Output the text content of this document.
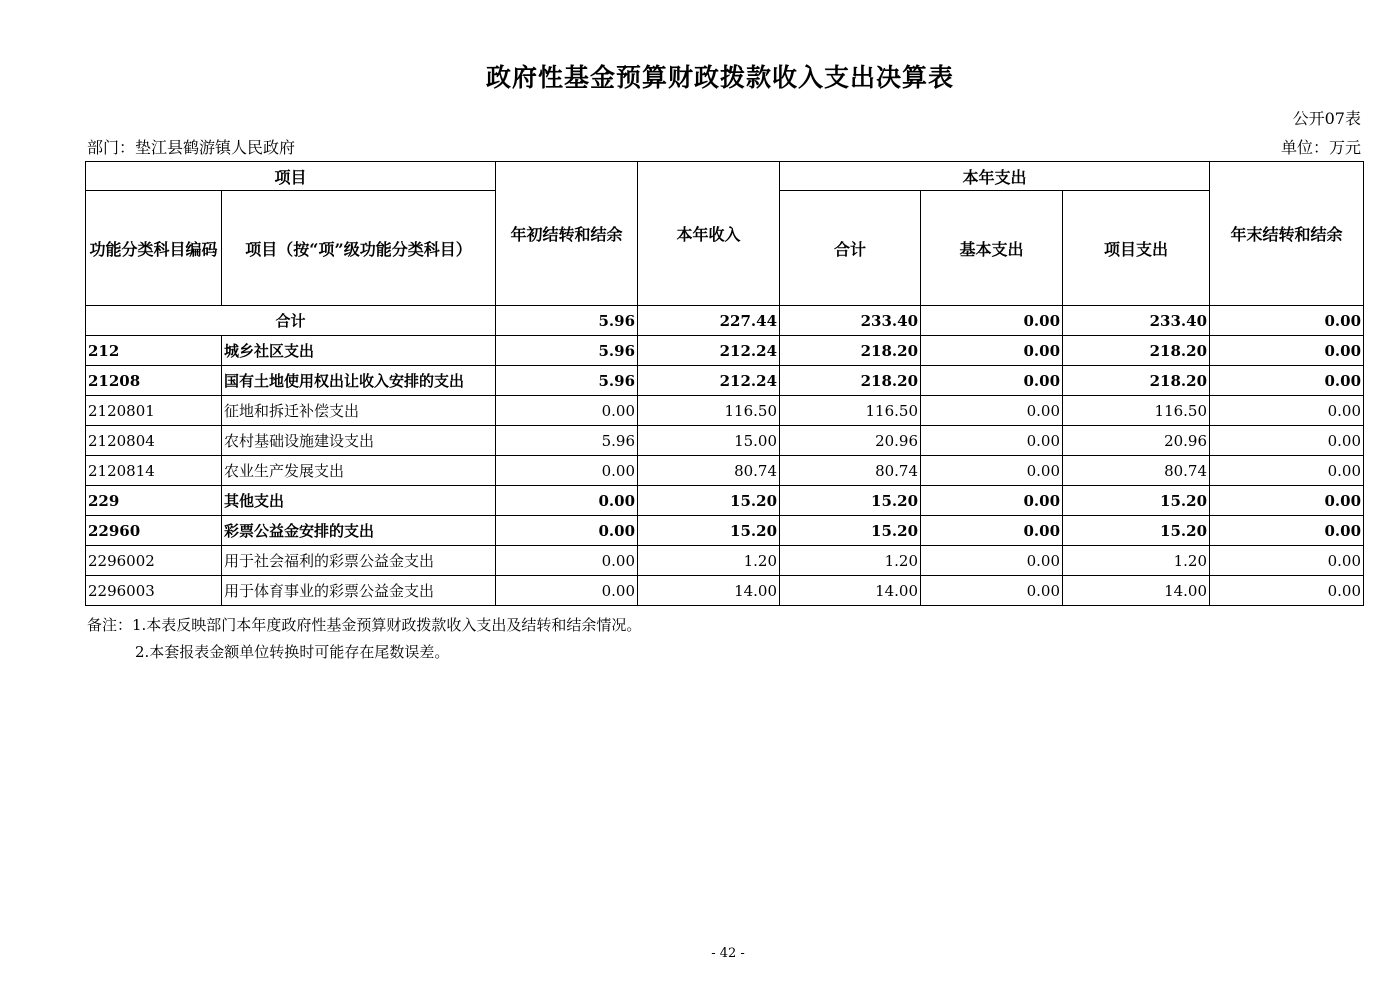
政府性基金预算财政拨款收入支出决算表
公开07表
部门：垫江县鹤游镇人民政府	单位：万元
项目		年初结转和结余	本年收入	本年支出			年末结转和结余
功能分类科目编码	项目（按“项”级功能分类科目）			合计	基本支出	项目支出	
合计		5.96	227.44	233.40	0.00	233.40	0.00
212	城乡社区支出	5.96	212.24	218.20	0.00	218.20	0.00
21208	国有土地使用权出让收入安排的支出	5.96	212.24	218.20	0.00	218.20	0.00
2120801	征地和拆迁补偿支出	0.00	116.50	116.50	0.00	116.50	0.00
2120804	农村基础设施建设支出	5.96	15.00	20.96	0.00	20.96	0.00
2120814	农业生产发展支出	0.00	80.74	80.74	0.00	80.74	0.00
229	其他支出	0.00	15.20	15.20	0.00	15.20	0.00
22960	彩票公益金安排的支出	0.00	15.20	15.20	0.00	15.20	0.00
2296002	用于社会福利的彩票公益金支出	0.00	1.20	1.20	0.00	1.20	0.00
2296003	用于体育事业的彩票公益金支出	0.00	14.00	14.00	0.00	14.00	0.00
备注：1.本表反映部门本年度政府性基金预算财政拨款收入支出及结转和结余情况。
2.本套报表金额单位转换时可能存在尾数误差。
- 42 -
